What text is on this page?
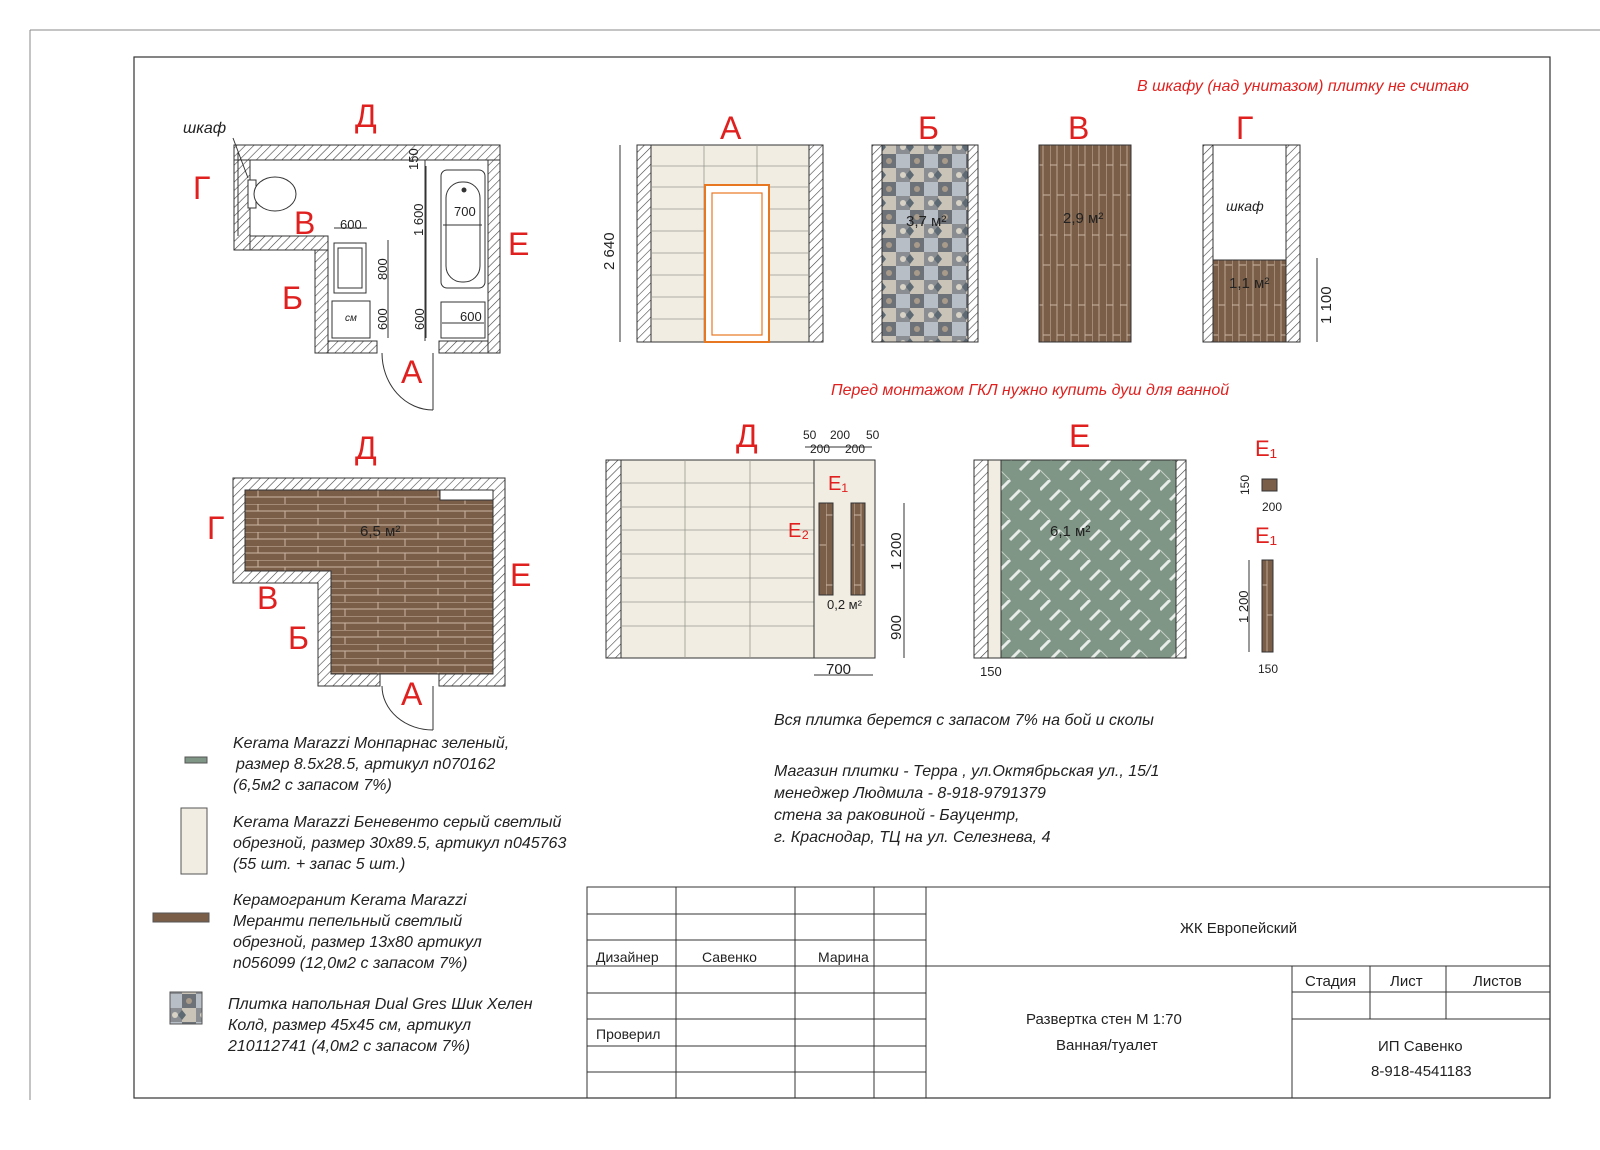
В шкафу (над унитазом) плитку не считаю
Перед монтажом ГКЛ нужно купить душ для ванной
Вся плитка берется с запасом 7% на бой и сколы
Магазин плитки - Терра , ул.Октябрьская ул., 15/1
менеджер Людмила - 8-918-9791379
стена за раковиной - Бауцентр,
г. Краснодар, ТЦ на ул. Селезнева, 4
Д
Г
В
Б
А
Е
шкаф
600
700
150
1 600
800
600 600	600
см
Д
Г
В
Б
А
Е
6,5 м²
А
2 640
Б
3,7 м²
В
2,9 м²
Г
шкаф
1,1 м²
1 100
Д	50 200 50
200 200
Е₁
Е₂
0,2 м²
1 200
900
700
Е
6,1 м²
150
Е₁
150
200
Е₁
1 200
150
Kerama Marazzi Монпарнас зеленый,
размер 8.5х28.5, артикул n070162
(6,5м2 с запасом 7%)
Kerama Marazzi Беневенто серый светлый
обрезной, размер 30х89.5, артикул n045763
(55 шт. + запас 5 шт.)
Керамогранит Kerama Marazzi
Меранти пепельный светлый
обрезной, размер 13х80 артикул
n056099 (12,0м2 с запасом 7%)
Плитка напольная Dual Gres Шик Хелен
Колд, размер 45х45 см, артикул
210112741 (4,0м2 с запасом 7%)
Дизайнер	Савенко	Марина
Проверил
ЖК Европейский
Развертка стен М 1:70
Ванная/туалет
Стадия Лист	Листов
ИП Савенко
8-918-4541183
